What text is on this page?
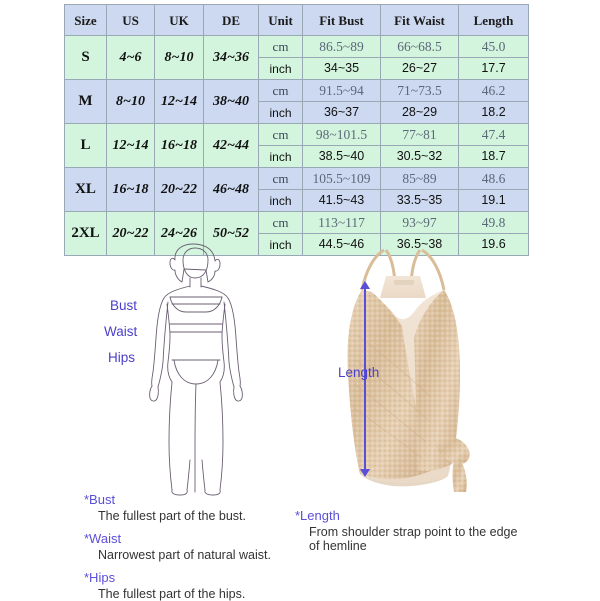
Size	US	UK	DE	Unit	Fit Bust	Fit Waist	Length
S	4~6	8~10	34~36	cm	86.5~89	66~68.5	45.0
				inch	34~35	26~27	17.7
M	8~10	12~14	38~40	cm	91.5~94	71~73.5	46.2
				inch	36~37	28~29	18.2
L	12~14	16~18	42~44	cm	98~101.5	77~81	47.4
				inch	38.5~40	30.5~32	18.7
XL	16~18	20~22	46~48	cm	105.5~109	85~89	48.6
				inch	41.5~43	33.5~35	19.1
2XL	20~22	24~26	50~52	cm	113~117	93~97	49.8
				inch	44.5~46	36.5~38	19.6
Bust
Waist
Hips
Length

*Bust

The fullest part of the bust.

*Waist

Narrowest part of natural waist.

*Hips

The fullest part of the hips.

*Length

From shoulder strap point to the edge

of hemline
